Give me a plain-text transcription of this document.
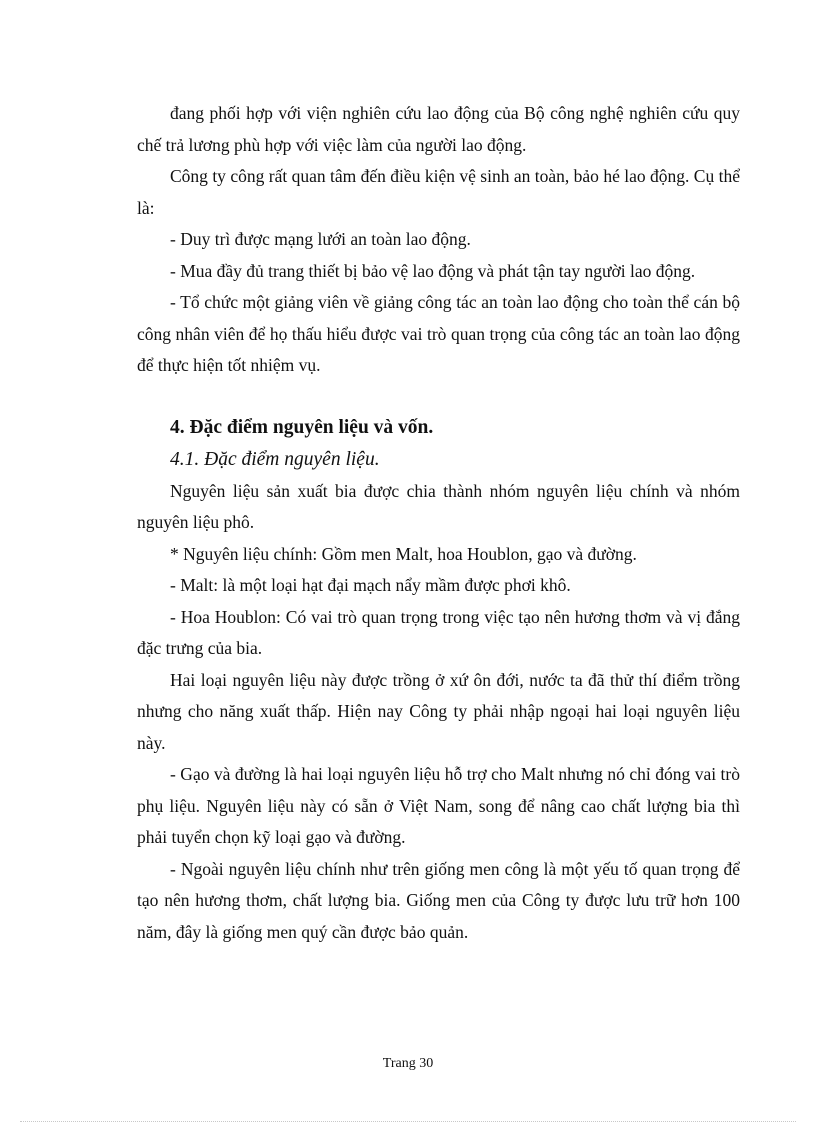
đang phối hợp với viện nghiên cứu lao động của Bộ công nghệ nghiên cứu quy chế trả lương phù hợp với việc làm của người lao động.

Công ty công rất quan tâm đến điều kiện vệ sinh an toàn, bảo hé lao động. Cụ thể là:

- Duy trì được mạng lưới an toàn lao động.

- Mua đầy đủ trang thiết bị bảo vệ lao động và phát tận tay người lao động.

- Tổ chức một giảng viên về giảng công tác an toàn lao động cho toàn thể cán bộ công nhân viên để họ thấu hiểu được vai trò quan trọng của công tác an toàn lao động để thực hiện tốt nhiệm vụ.

4. Đặc điểm nguyên liệu và vốn.
4.1. Đặc điểm nguyên liệu.

Nguyên liệu sản xuất bia được chia thành nhóm nguyên liệu chính và nhóm nguyên liệu phô.

* Nguyên liệu chính: Gồm men Malt, hoa Houblon, gạo và đường.

- Malt: là một loại hạt đại mạch nẩy mầm được phơi khô.

- Hoa Houblon: Có vai trò quan trọng trong việc tạo nên hương thơm và vị đắng đặc trưng của bia.

Hai loại nguyên liệu này được trồng ở xứ ôn đới, nước ta đã thử thí điểm trồng nhưng cho năng xuất thấp. Hiện nay Công ty phải nhập ngoại hai loại nguyên liệu này.

- Gạo và đường là hai loại nguyên liệu hỗ trợ cho Malt nhưng nó chỉ đóng vai trò phụ liệu. Nguyên liệu này có sẵn ở Việt Nam, song để nâng cao chất lượng bia thì phải tuyển chọn kỹ loại gạo và đường.

- Ngoài nguyên liệu chính như trên giống men công là một yếu tố quan trọng để tạo nên hương thơm, chất lượng bia. Giống men của Công ty được lưu trữ hơn 100 năm, đây là giống men quý cần được bảo quản.

Trang 30
